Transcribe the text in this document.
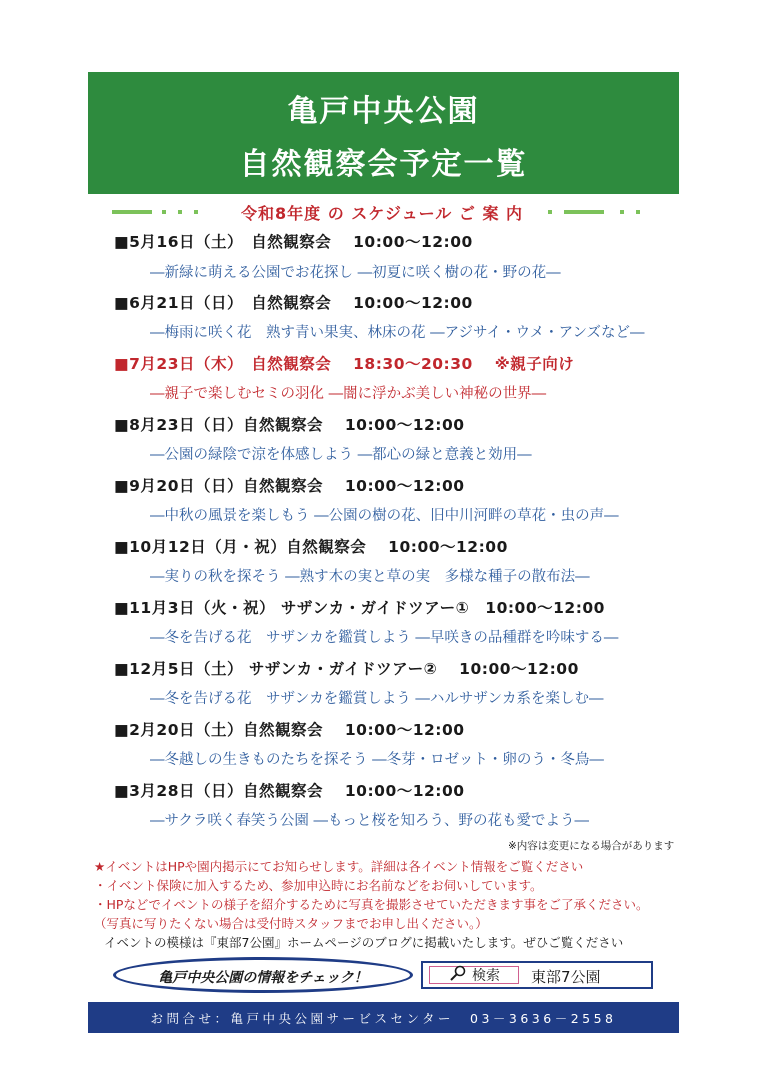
亀戸中央公園
自然観察会予定一覧
令和8年度 の スケジュール ご 案 内
■5月16日（土）　自然観察会　 10:00～12:00
―新緑に萌える公園でお花探し ―初夏に咲く樹の花・野の花―
■6月21日（日）　自然観察会　 10:00～12:00
―梅雨に咲く花　熟す青い果実、林床の花 ―アジサイ・ウメ・アンズなど―
■7月23日（木）　自然観察会　 18:30～20:30　 ※親子向け
―親子で楽しむセミの羽化 ―闇に浮かぶ美しい神秘の世界―
■8月23日（日）自然観察会　 10:00～12:00
―公園の緑陰で涼を体感しよう ―都心の緑と意義と効用―
■9月20日（日）自然観察会　 10:00～12:00
―中秋の風景を楽しもう ―公園の樹の花、旧中川河畔の草花・虫の声―
■10月12日（月・祝）自然観察会　 10:00～12:00
―実りの秋を探そう ―熟す木の実と草の実　多様な種子の散布法―
■11月3日（火・祝） サザンカ・ガイドツアー①　10:00～12:00
―冬を告げる花　サザンカを鑑賞しよう ―早咲きの品種群を吟味する―
■12月5日（土） サザンカ・ガイドツアー②　 10:00～12:00
―冬を告げる花　サザンカを鑑賞しよう ―ハルサザンカ系を楽しむ―
■2月20日（土）自然観察会　 10:00～12:00
―冬越しの生きものたちを探そう ―冬芽・ロゼット・卵のう・冬鳥―
■3月28日（日）自然観察会　 10:00～12:00
―サクラ咲く春笑う公園 ―もっと桜を知ろう、野の花も愛でよう―
※内容は変更になる場合があります
★イベントはHPや園内掲示にてお知らせします。詳細は各イベント情報をご覧ください
・イベント保険に加入するため、参加申込時にお名前などをお伺いしています。
・HPなどでイベントの様子を紹介するために写真を撮影させていただきます事をご了承ください。
（写真に写りたくない場合は受付時スタッフまでお申し出ください。）
イベントの模様は『東部7公園』ホームページのブログに掲載いたします。ぜひご覧ください
亀戸中央公園の情報をチェック！	検索 東部7公園
お問合せ：亀戸中央公園サービスセンター　03－3636－2558
